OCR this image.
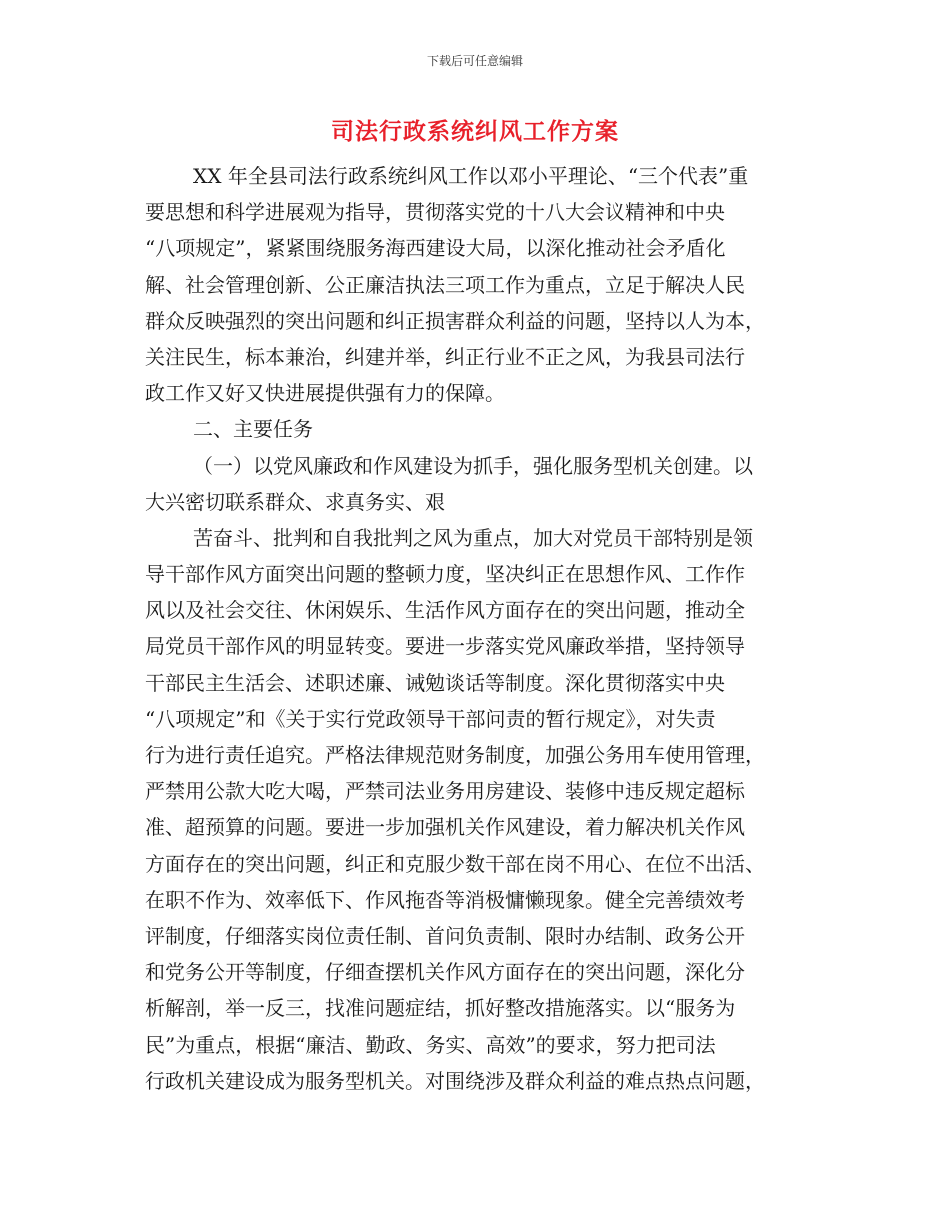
下载后可任意编辑
司法行政系统纠风工作方案
XX 年全县司法行政系统纠风工作以邓小平理论、“三个代表”重
要思想和科学进展观为指导，贯彻落实党的十八大会议精神和中央
“八项规定”，紧紧围绕服务海西建设大局，以深化推动社会矛盾化
解、社会管理创新、公正廉洁执法三项工作为重点，立足于解决人民
群众反映强烈的突出问题和纠正损害群众利益的问题，坚持以人为本，
关注民生，标本兼治，纠建并举，纠正行业不正之风，为我县司法行
政工作又好又快进展提供强有力的保障。
二、主要任务
（一）以党风廉政和作风建设为抓手，强化服务型机关创建。以
大兴密切联系群众、求真务实、艰
苦奋斗、批判和自我批判之风为重点，加大对党员干部特别是领
导干部作风方面突出问题的整顿力度，坚决纠正在思想作风、工作作
风以及社会交往、休闲娱乐、生活作风方面存在的突出问题，推动全
局党员干部作风的明显转变。要进一步落实党风廉政举措，坚持领导
干部民主生活会、述职述廉、诫勉谈话等制度。深化贯彻落实中央
“八项规定”和《关于实行党政领导干部问责的暂行规定》，对失责
行为进行责任追究。严格法律规范财务制度，加强公务用车使用管理，
严禁用公款大吃大喝，严禁司法业务用房建设、装修中违反规定超标
准、超预算的问题。要进一步加强机关作风建设，着力解决机关作风
方面存在的突出问题，纠正和克服少数干部在岗不用心、在位不出活、
在职不作为、效率低下、作风拖沓等消极慵懒现象。健全完善绩效考
评制度，仔细落实岗位责任制、首问负责制、限时办结制、政务公开
和党务公开等制度，仔细查摆机关作风方面存在的突出问题，深化分
析解剖，举一反三，找准问题症结，抓好整改措施落实。以“服务为
民”为重点，根据“廉洁、勤政、务实、高效”的要求，努力把司法
行政机关建设成为服务型机关。对围绕涉及群众利益的难点热点问题，
